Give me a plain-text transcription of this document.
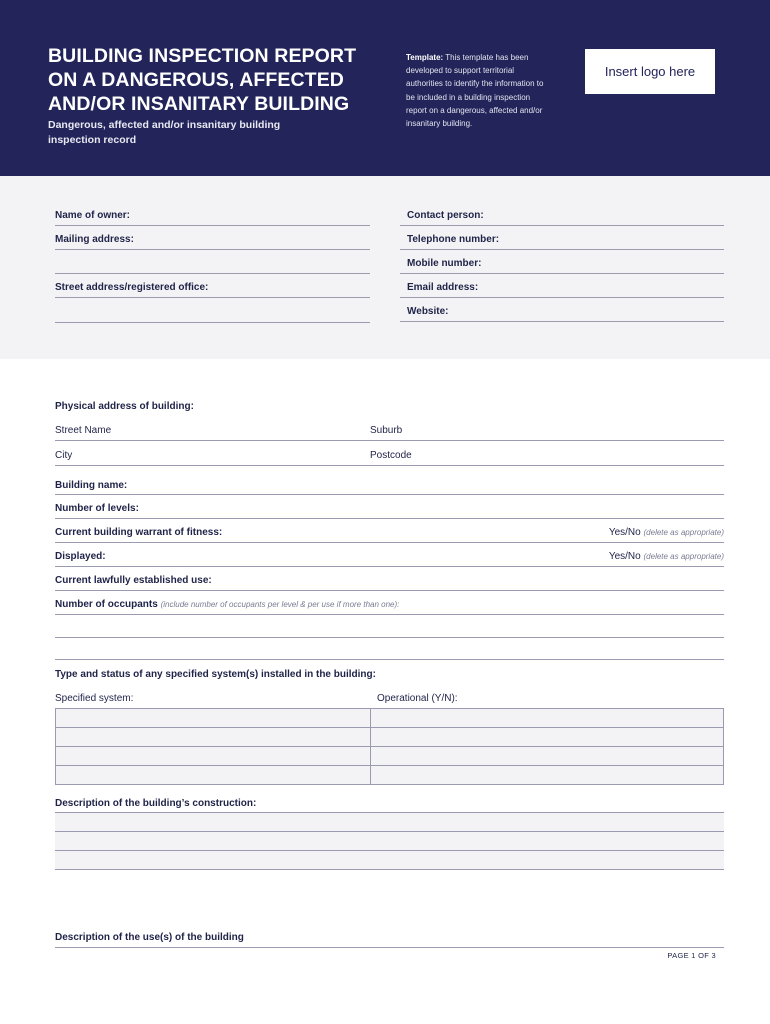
BUILDING INSPECTION REPORT ON A DANGEROUS, AFFECTED AND/OR INSANITARY BUILDING
Dangerous, affected and/or insanitary building inspection record
Template: This template has been developed to support territorial authorities to identify the information to be included in a building inspection report on a dangerous, affected and/or insanitary building.
Insert logo here
Name of owner:
Mailing address:
Street address/registered office:
Contact person:
Telephone number:
Mobile number:
Email address:
Website:
Physical address of building:
Street Name	Suburb
City	Postcode
Building name:
Number of levels:
Current building warrant of fitness:	Yes/No (delete as appropriate)
Displayed:	Yes/No (delete as appropriate)
Current lawfully established use:
Number of occupants (include number of occupants per level & per use if more than one):
Type and status of any specified system(s) installed in the building:
Specified system:	Operational (Y/N):

Description of the building’s construction:
Description of the use(s) of the building
PAGE 1 OF 3
